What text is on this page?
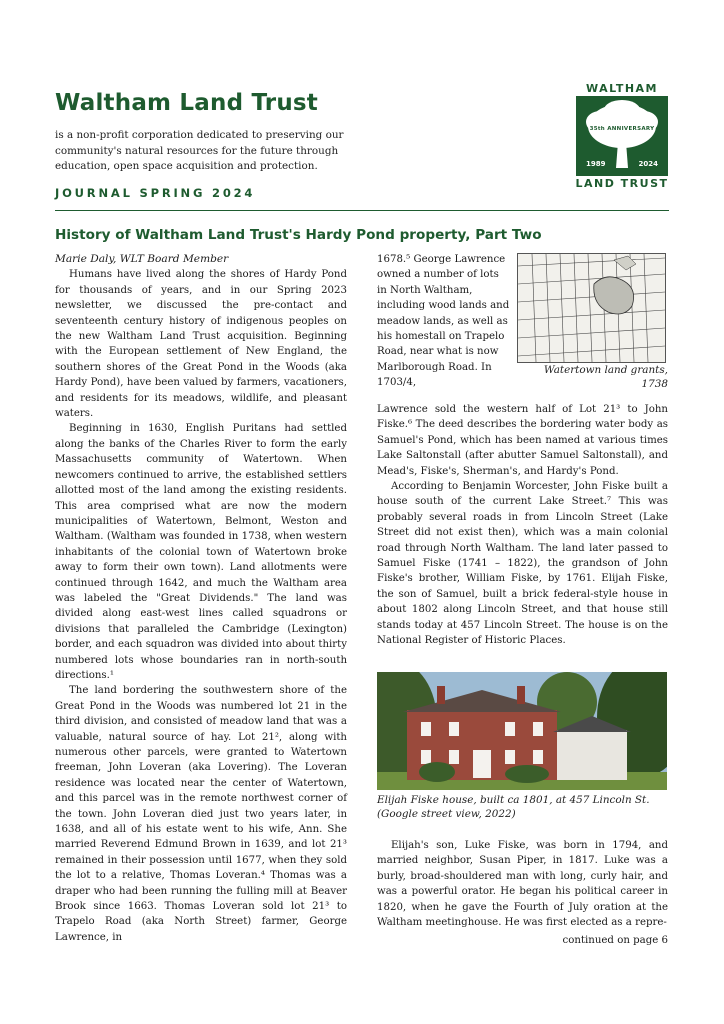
Waltham Land Trust

is a non-profit corporation dedicated to preserving our community's natural resources for the future through education, open space acquisition and protection.

JOURNAL SPRING 2024
WALTHAM
35th ANNIVERSARY
1989	2024
LAND TRUST
History of Waltham Land Trust's Hardy Pond property, Part Two

Marie Daly, WLT Board Member

Humans have lived along the shores of Hardy Pond for thousands of years, and in our Spring 2023 newsletter, we discussed the pre-contact and seventeenth century history of indigenous peoples on the new Waltham Land Trust acquisition. Beginning with the European settlement of New England, the southern shores of the Great Pond in the Woods (aka Hardy Pond), have been valued by farmers, vacationers, and residents for its meadows, wildlife, and pleasant waters.

Beginning in 1630, English Puritans had settled along the banks of the Charles River to form the early Massachusetts community of Watertown. When newcomers continued to arrive, the established settlers allotted most of the land among the existing residents. This area comprised what are now the modern municipalities of Watertown, Belmont, Weston and Waltham. (Waltham was founded in 1738, when western inhabitants of the colonial town of Watertown broke away to form their own town). Land allotments were continued through 1642, and much the Waltham area was labeled the "Great Dividends." The land was divided along east-west lines called squadrons or divisions that paralleled the Cambridge (Lexington) border, and each squadron was divided into about thirty numbered lots whose boundaries ran in north-south directions.¹

The land bordering the southwestern shore of the Great Pond in the Woods was numbered lot 21 in the third division, and consisted of meadow land that was a valuable, natural source of hay. Lot 21², along with numerous other parcels, were granted to Watertown freeman, John Loveran (aka Lovering). The Loveran residence was located near the center of Watertown, and this parcel was in the remote northwest corner of the town. John Loveran died just two years later, in 1638, and all of his estate went to his wife, Ann. She married Reverend Edmund Brown in 1639, and lot 21³ remained in their possession until 1677, when they sold the lot to a relative, Thomas Loveran.⁴ Thomas was a draper who had been running the fulling mill at Beaver Brook since 1663. Thomas Loveran sold lot 21³ to Trapelo Road (aka North Street) farmer, George Lawrence, in

1678.⁵ George Lawrence owned a number of lots in North Waltham, including wood lands and meadow lands, as well as his homestall on Trapelo Road, near what is now Marlborough Road. In 1703/4,

Watertown land grants, 1738

Lawrence sold the western half of Lot 21³ to John Fiske.⁶ The deed describes the bordering water body as Samuel's Pond, which has been named at various times Lake Saltonstall (after abutter Samuel Saltonstall), and Mead's, Fiske's, Sherman's, and Hardy's Pond.

According to Benjamin Worcester, John Fiske built a house south of the current Lake Street.⁷ This was probably several roads in from Lincoln Street (Lake Street did not exist then), which was a main colonial road through North Waltham. The land later passed to Samuel Fiske (1741 – 1822), the grandson of John Fiske's brother, William Fiske, by 1761. Elijah Fiske, the son of Samuel, built a brick federal-style house in about 1802 along Lincoln Street, and that house still stands today at 457 Lincoln Street. The house is on the National Register of Historic Places.

Elijah Fiske house, built ca 1801, at 457 Lincoln St. (Google street view, 2022)

Elijah's son, Luke Fiske, was born in 1794, and married neighbor, Susan Piper, in 1817. Luke was a burly, broad-shouldered man with long, curly hair, and was a powerful orator. He began his political career in 1820, when he gave the Fourth of July oration at the Waltham meetinghouse. He was first elected as a repre-

continued on page 6
